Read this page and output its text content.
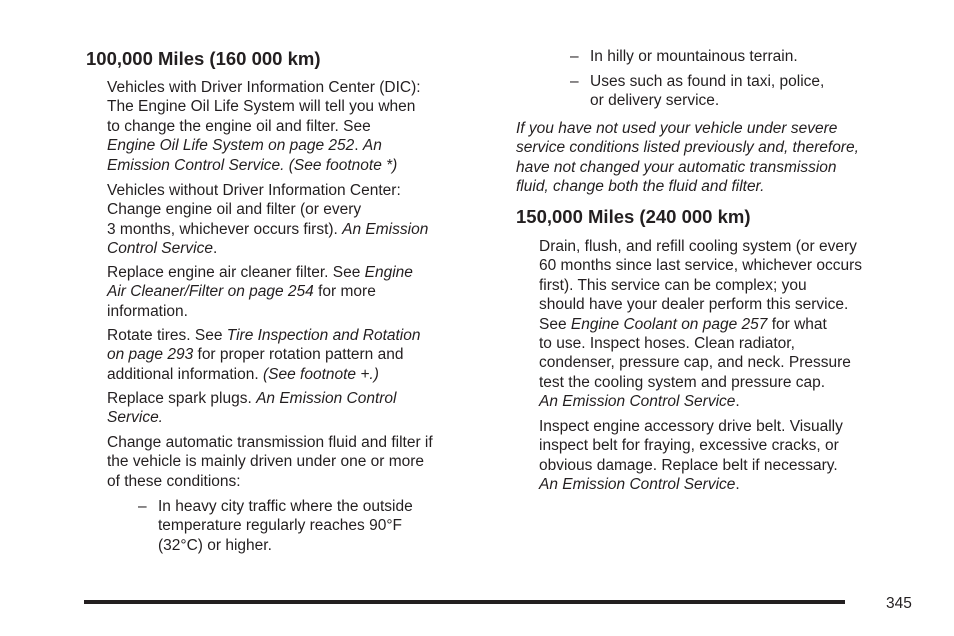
100,000 Miles (160 000 km)

Vehicles with Driver Information Center (DIC):
The Engine Oil Life System will tell you when
to change the engine oil and filter. See
Engine Oil Life System on page 252. An
Emission Control Service. (See footnote *)

Vehicles without Driver Information Center:
Change engine oil and filter (or every
3 months, whichever occurs first). An Emission
Control Service.

Replace engine air cleaner filter. See Engine
Air Cleaner/Filter on page 254 for more
information.

Rotate tires. See Tire Inspection and Rotation
on page 293 for proper rotation pattern and
additional information. (See footnote +.)

Replace spark plugs. An Emission Control
Service.

Change automatic transmission fluid and filter if
the vehicle is mainly driven under one or more
of these conditions:

– In heavy city traffic where the outside
temperature regularly reaches 90°F
(32°C) or higher.

– In hilly or mountainous terrain.

– Uses such as found in taxi, police,
or delivery service.

If you have not used your vehicle under severe
service conditions listed previously and, therefore,
have not changed your automatic transmission
fluid, change both the fluid and filter.

150,000 Miles (240 000 km)

Drain, flush, and refill cooling system (or every
60 months since last service, whichever occurs
first). This service can be complex; you
should have your dealer perform this service.
See Engine Coolant on page 257 for what
to use. Inspect hoses. Clean radiator,
condenser, pressure cap, and neck. Pressure
test the cooling system and pressure cap.
An Emission Control Service.

Inspect engine accessory drive belt. Visually
inspect belt for fraying, excessive cracks, or
obvious damage. Replace belt if necessary.
An Emission Control Service.

345
